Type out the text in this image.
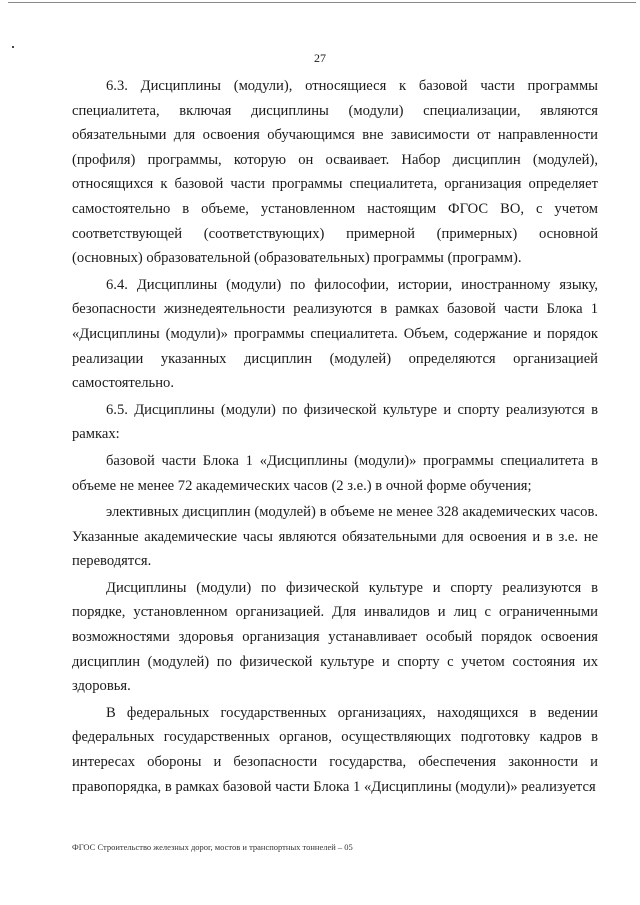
27

6.3. Дисциплины (модули), относящиеся к базовой части программы специалитета, включая дисциплины (модули) специализации, являются обязательными для освоения обучающимся вне зависимости от направленности (профиля) программы, которую он осваивает. Набор дисциплин (модулей), относящихся к базовой части программы специалитета, организация определяет самостоятельно в объеме, установленном настоящим ФГОС ВО, с учетом соответствующей (соответствующих) примерной (примерных) основной (основных) образовательной (образовательных) программы (программ).

6.4. Дисциплины (модули) по философии, истории, иностранному языку, безопасности жизнедеятельности реализуются в рамках базовой части Блока 1 «Дисциплины (модули)» программы специалитета. Объем, содержание и порядок реализации указанных дисциплин (модулей) определяются организацией самостоятельно.

6.5. Дисциплины (модули) по физической культуре и спорту реализуются в рамках:

базовой части Блока 1 «Дисциплины (модули)» программы специалитета в объеме не менее 72 академических часов (2 з.е.) в очной форме обучения;

элективных дисциплин (модулей) в объеме не менее 328 академических часов. Указанные академические часы являются обязательными для освоения и в з.е. не переводятся.

Дисциплины (модули) по физической культуре и спорту реализуются в порядке, установленном организацией. Для инвалидов и лиц с ограниченными возможностями здоровья организация устанавливает особый порядок освоения дисциплин (модулей) по физической культуре и спорту с учетом состояния их здоровья.

В федеральных государственных организациях, находящихся в ведении федеральных государственных органов, осуществляющих подготовку кадров в интересах обороны и безопасности государства, обеспечения законности и правопорядка, в рамках базовой части Блока 1 «Дисциплины (модули)» реализуется

ФГОС Строительство железных дорог, мостов и транспортных тоннелей – 05
